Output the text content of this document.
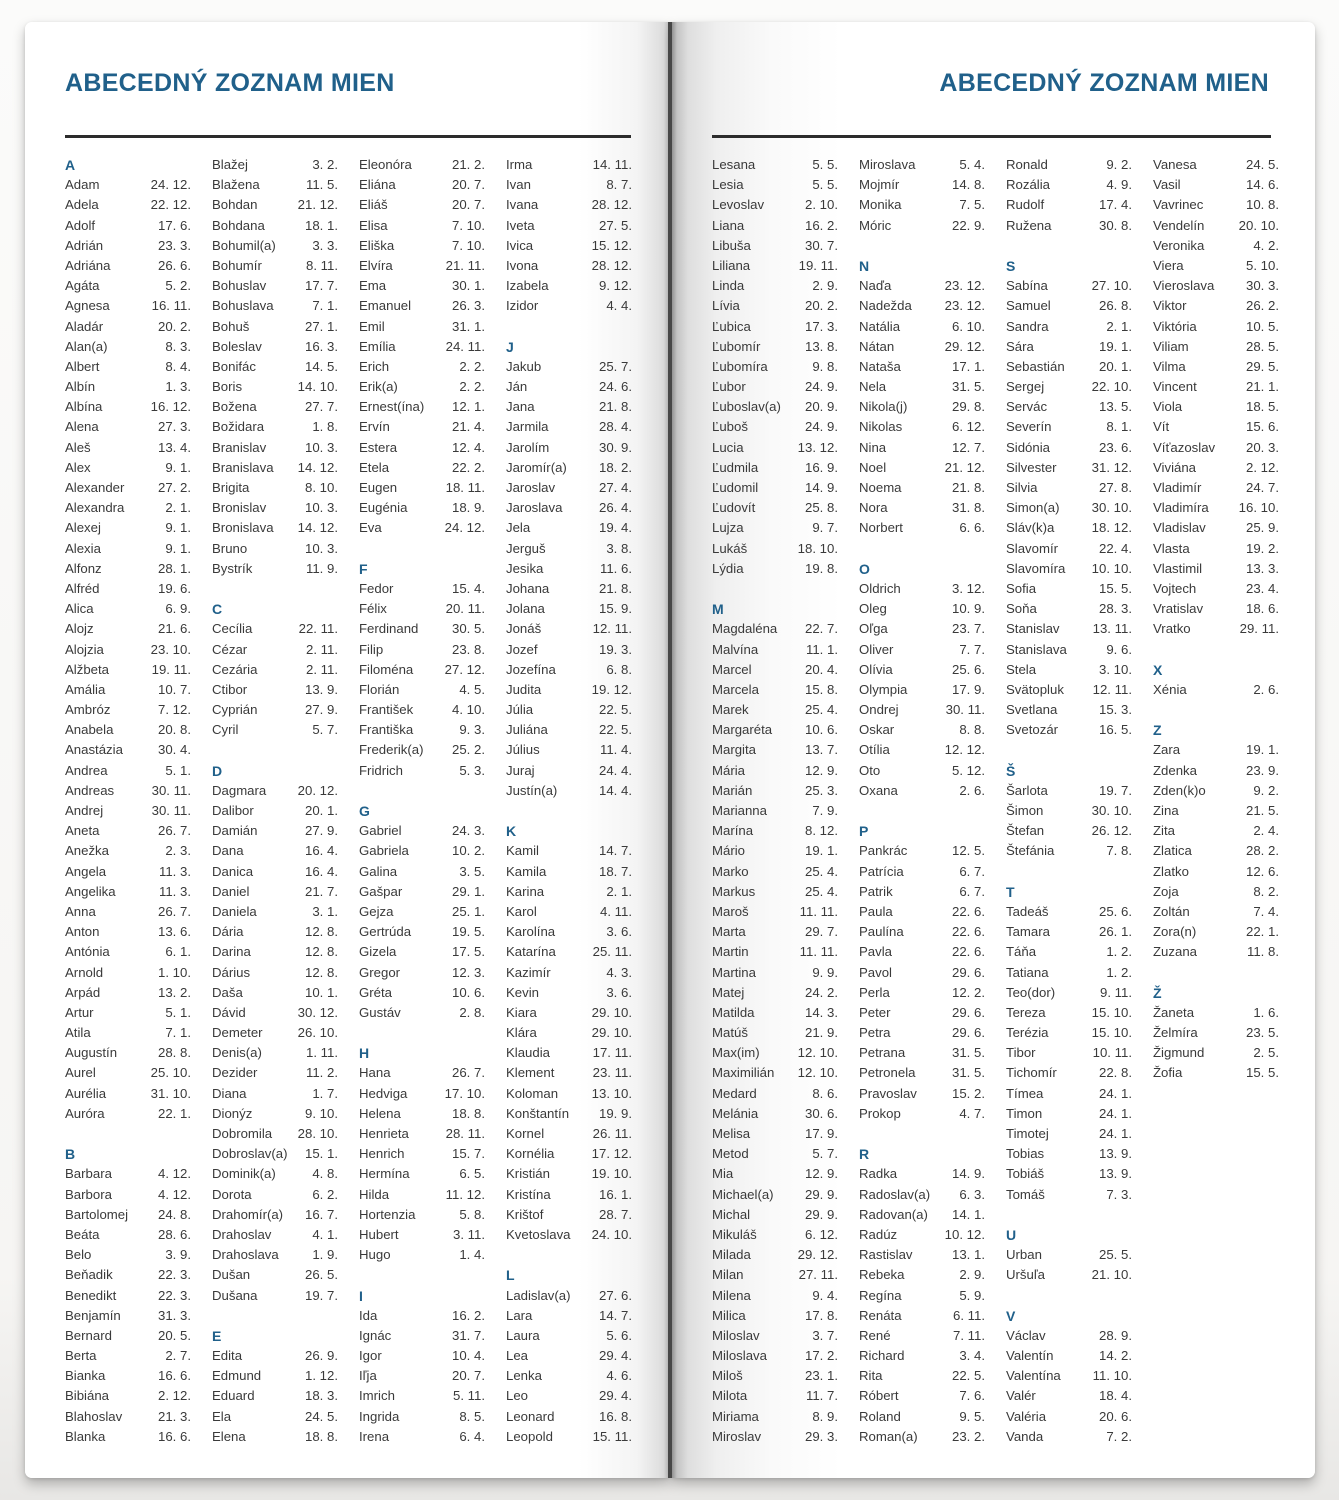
ABECEDNÝ ZOZNAM MIEN
A
Adam	24. 12.
Adela	22. 12.
Adolf	17. 6.
Adrián	23. 3.
Adriána	26. 6.
Agáta	5. 2.
Agnesa	16. 11.
Aladár	20. 2.
Alan(a)	8. 3.
Albert	8. 4.
Albín	1. 3.
Albína	16. 12.
Alena	27. 3.
Aleš	13. 4.
Alex	9. 1.
Alexander	27. 2.
Alexandra	2. 1.
Alexej	9. 1.
Alexia	9. 1.
Alfonz	28. 1.
Alfréd	19. 6.
Alica	6. 9.
Alojz	21. 6.
Alojzia	23. 10.
Alžbeta	19. 11.
Amália	10. 7.
Ambróz	7. 12.
Anabela	20. 8.
Anastázia	30. 4.
Andrea	5. 1.
Andreas	30. 11.
Andrej	30. 11.
Aneta	26. 7.
Anežka	2. 3.
Angela	11. 3.
Angelika	11. 3.
Anna	26. 7.
Anton	13. 6.
Antónia	6. 1.
Arnold	1. 10.
Arpád	13. 2.
Artur	5. 1.
Atila	7. 1.
Augustín	28. 8.
Aurel	25. 10.
Aurélia	31. 10.
Auróra	22. 1.
B
Barbara	4. 12.
Barbora	4. 12.
Bartolomej 24. 8.
Beáta	28. 6.
Belo	3. 9.
Beňadik	22. 3.
Benedikt	22. 3.
Benjamín	31. 3.
Bernard	20. 5.
Berta	2. 7.
Bianka	16. 6.
Bibiána	2. 12.
Blahoslav	21. 3.
Blanka	16. 6.
Blažej	3. 2.
Blažena	11. 5.
Bohdan	21. 12.
Bohdana	18. 1.
Bohumil(a)	3. 3.
Bohumír	8. 11.
Bohuslav	17. 7.
Bohuslava	7. 1.
Bohuš	27. 1.
Boleslav	16. 3.
Bonifác	14. 5.
Boris	14. 10.
Božena	27. 7.
Božidara	1. 8.
Branislav	10. 3.
Branislava 14. 12.
Brigita	8. 10.
Bronislav	10. 3.
Bronislava 14. 12.
Bruno	10. 3.
Bystrík	11. 9.
C
Cecília	22. 11.
Cézar	2. 11.
Cezária	2. 11.
Ctibor	13. 9.
Cyprián	27. 9.
Cyril	5. 7.
D
Dagmara 20. 12.
Dalibor	20. 1.
Damián	27. 9.
Dana	16. 4.
Danica	16. 4.
Daniel	21. 7.
Daniela	3. 1.
Dária	12. 8.
Darina	12. 8.
Dárius	12. 8.
Daša	10. 1.
Dávid	30. 12.
Demeter	26. 10.
Denis(a)	1. 11.
Dezider	11. 2.
Diana	1. 7.
Dionýz	9. 10.
Dobromila 28. 10.
Dobroslav(a) 15. 1.
Dominik(a)	4. 8.
Dorota	6. 2.
Drahomír(a) 16. 7.
Drahoslav	4. 1.
Drahoslava	1. 9.
Dušan	26. 5.
Dušana	19. 7.
E
Edita	26. 9.
Edmund	1. 12.
Eduard	18. 3.
Ela	24. 5.
Elena	18. 8.
Eleonóra	21. 2.
Eliána	20. 7.
Eliáš	20. 7.
Elisa	7. 10.
Eliška	7. 10.
Elvíra	21. 11.
Ema	30. 1.
Emanuel	26. 3.
Emil	31. 1.
Emília	24. 11.
Erich	2. 2.
Erik(a)	2. 2.
Ernest(ína) 12. 1.
Ervín	21. 4.
Estera	12. 4.
Etela	22. 2.
Eugen	18. 11.
Eugénia	18. 9.
Eva	24. 12.
F
Fedor	15. 4.
Félix	20. 11.
Ferdinand	30. 5.
Filip	23. 8.
Filoména 27. 12.
Florián	4. 5.
František	4. 10.
Františka	9. 3.
Frederik(a) 25. 2.
Fridrich	5. 3.
G
Gabriel	24. 3.
Gabriela	10. 2.
Galina	3. 5.
Gašpar	29. 1.
Gejza	25. 1.
Gertrúda	19. 5.
Gizela	17. 5.
Gregor	12. 3.
Gréta	10. 6.
Gustáv	2. 8.
H
Hana	26. 7.
Hedviga	17. 10.
Helena	18. 8.
Henrieta	28. 11.
Henrich	15. 7.
Hermína	6. 5.
Hilda	11. 12.
Hortenzia	5. 8.
Hubert	3. 11.
Hugo	1. 4.
I
Ida	16. 2.
Ignác	31. 7.
Igor	10. 4.
Iľja	20. 7.
Imrich	5. 11.
Ingrida	8. 5.
Irena	6. 4.
Irma	14. 11.
Ivan	8. 7.
Ivana	28. 12.
Iveta	27. 5.
Ivica	15. 12.
Ivona	28. 12.
Izabela	9. 12.
Izidor	4. 4.
J
Jakub	25. 7.
Ján	24. 6.
Jana	21. 8.
Jarmila	28. 4.
Jarolím	30. 9.
Jaromír(a) 18. 2.
Jaroslav	27. 4.
Jaroslava	26. 4.
Jela	19. 4.
Jerguš	3. 8.
Jesika	11. 6.
Johana	21. 8.
Jolana	15. 9.
Jonáš	12. 11.
Jozef	19. 3.
Jozefína	6. 8.
Judita	19. 12.
Júlia	22. 5.
Juliána	22. 5.
Július	11. 4.
Juraj	24. 4.
Justín(a)	14. 4.
K
Kamil	14. 7.
Kamila	18. 7.
Karina	2. 1.
Karol	4. 11.
Karolína	3. 6.
Katarína	25. 11.
Kazimír	4. 3.
Kevin	3. 6.
Kiara	29. 10.
Klára	29. 10.
Klaudia	17. 11.
Klement	23. 11.
Koloman	13. 10.
Konštantín 19. 9.
Kornel	26. 11.
Kornélia	17. 12.
Kristián	19. 10.
Kristína	16. 1.
Krištof	28. 7.
Kvetoslava 24. 10.
L
Ladislav(a) 27. 6.
Lara	14. 7.
Laura	5. 6.
Lea	29. 4.
Lenka	4. 6.
Leo	29. 4.
Leonard	16. 8.
Leopold	15. 11.
ABECEDNÝ ZOZNAM MIEN
Lesana	5. 5.
Lesia	5. 5.
Levoslav	2. 10.
Liana	16. 2.
Libuša	30. 7.
Liliana	19. 11.
Linda	2. 9.
Lívia	20. 2.
Ľubica	17. 3.
Ľubomír	13. 8.
Ľubomíra	9. 8.
Ľubor	24. 9.
Ľuboslav(a) 20. 9.
Ľuboš	24. 9.
Lucia	13. 12.
Ľudmila	16. 9.
Ľudomil	14. 9.
Ľudovít	25. 8.
Lujza	9. 7.
Lukáš	18. 10.
Lýdia	19. 8.
M
Magdaléna 22. 7.
Malvína	11. 1.
Marcel	20. 4.
Marcela	15. 8.
Marek	25. 4.
Margaréta 10. 6.
Margita	13. 7.
Mária	12. 9.
Marián	25. 3.
Marianna	7. 9.
Marína	8. 12.
Mário	19. 1.
Marko	25. 4.
Markus	25. 4.
Maroš	11. 11.
Marta	29. 7.
Martin	11. 11.
Martina	9. 9.
Matej	24. 2.
Matilda	14. 3.
Matúš	21. 9.
Max(im)	12. 10.
Maximilián 12. 10.
Medard	8. 6.
Melánia	30. 6.
Melisa	17. 9.
Metod	5. 7.
Mia	12. 9.
Michael(a) 29. 9.
Michal	29. 9.
Mikuláš	6. 12.
Milada	29. 12.
Milan	27. 11.
Milena	9. 4.
Milica	17. 8.
Miloslav	3. 7.
Miloslava	17. 2.
Miloš	23. 1.
Milota	11. 7.
Miriama	8. 9.
Miroslav	29. 3.
Miroslava	5. 4.
Mojmír	14. 8.
Monika	7. 5.
Móric	22. 9.
N
Naďa	23. 12.
Nadežda 23. 12.
Natália	6. 10.
Nátan	29. 12.
Nataša	17. 1.
Nela	31. 5.
Nikola(j)	29. 8.
Nikolas	6. 12.
Nina	12. 7.
Noel	21. 12.
Noema	21. 8.
Nora	31. 8.
Norbert	6. 6.
O
Oldrich	3. 12.
Oleg	10. 9.
Oľga	23. 7.
Oliver	7. 7.
Olívia	25. 6.
Olympia	17. 9.
Ondrej	30. 11.
Oskar	8. 8.
Otília	12. 12.
Oto	5. 12.
Oxana	2. 6.
P
Pankrác	12. 5.
Patrícia	6. 7.
Patrik	6. 7.
Paula	22. 6.
Paulína	22. 6.
Pavla	22. 6.
Pavol	29. 6.
Perla	12. 2.
Peter	29. 6.
Petra	29. 6.
Petrana	31. 5.
Petronela	31. 5.
Pravoslav	15. 2.
Prokop	4. 7.
R
Radka	14. 9.
Radoslav(a) 6. 3.
Radovan(a) 14. 1.
Radúz	10. 12.
Rastislav	13. 1.
Rebeka	2. 9.
Regína	5. 9.
Renáta	6. 11.
René	7. 11.
Richard	3. 4.
Rita	22. 5.
Róbert	7. 6.
Roland	9. 5.
Roman(a)	23. 2.
Ronald	9. 2.
Rozália	4. 9.
Rudolf	17. 4.
Ružena	30. 8.
S
Sabína	27. 10.
Samuel	26. 8.
Sandra	2. 1.
Sára	19. 1.
Sebastián	20. 1.
Sergej	22. 10.
Servác	13. 5.
Severín	8. 1.
Sidónia	23. 6.
Silvester	31. 12.
Silvia	27. 8.
Simon(a) 30. 10.
Sláv(k)a	18. 12.
Slavomír	22. 4.
Slavomíra 10. 10.
Sofia	15. 5.
Soňa	28. 3.
Stanislav	13. 11.
Stanislava	9. 6.
Stela	3. 10.
Svätopluk 12. 11.
Svetlana	15. 3.
Svetozár	16. 5.
Š
Šarlota	19. 7.
Šimon	30. 10.
Štefan	26. 12.
Štefánia	7. 8.
T
Tadeáš	25. 6.
Tamara	26. 1.
Táňa	1. 2.
Tatiana	1. 2.
Teo(dor)	9. 11.
Tereza	15. 10.
Terézia	15. 10.
Tibor	10. 11.
Tichomír	22. 8.
Tímea	24. 1.
Timon	24. 1.
Timotej	24. 1.
Tobias	13. 9.
Tobiáš	13. 9.
Tomáš	7. 3.
U
Urban	25. 5.
Uršuľa	21. 10.
V
Václav	28. 9.
Valentín	14. 2.
Valentína 11. 10.
Valér	18. 4.
Valéria	20. 6.
Vanda	7. 2.
Vanesa	24. 5.
Vasil	14. 6.
Vavrinec	10. 8.
Vendelín	20. 10.
Veronika	4. 2.
Viera	5. 10.
Vieroslava 30. 3.
Viktor	26. 2.
Viktória	10. 5.
Viliam	28. 5.
Vilma	29. 5.
Vincent	21. 1.
Viola	18. 5.
Vít	15. 6.
Víťazoslav 20. 3.
Viviána	2. 12.
Vladimír	24. 7.
Vladimíra 16. 10.
Vladislav	25. 9.
Vlasta	19. 2.
Vlastimil	13. 3.
Vojtech	23. 4.
Vratislav	18. 6.
Vratko	29. 11.
X
Xénia	2. 6.
Z
Zara	19. 1.
Zdenka	23. 9.
Zden(k)o	9. 2.
Zina	21. 5.
Zita	2. 4.
Zlatica	28. 2.
Zlatko	12. 6.
Zoja	8. 2.
Zoltán	7. 4.
Zora(n)	22. 1.
Zuzana	11. 8.
Ž
Žaneta	1. 6.
Želmíra	23. 5.
Žigmund	2. 5.
Žofia	15. 5.
